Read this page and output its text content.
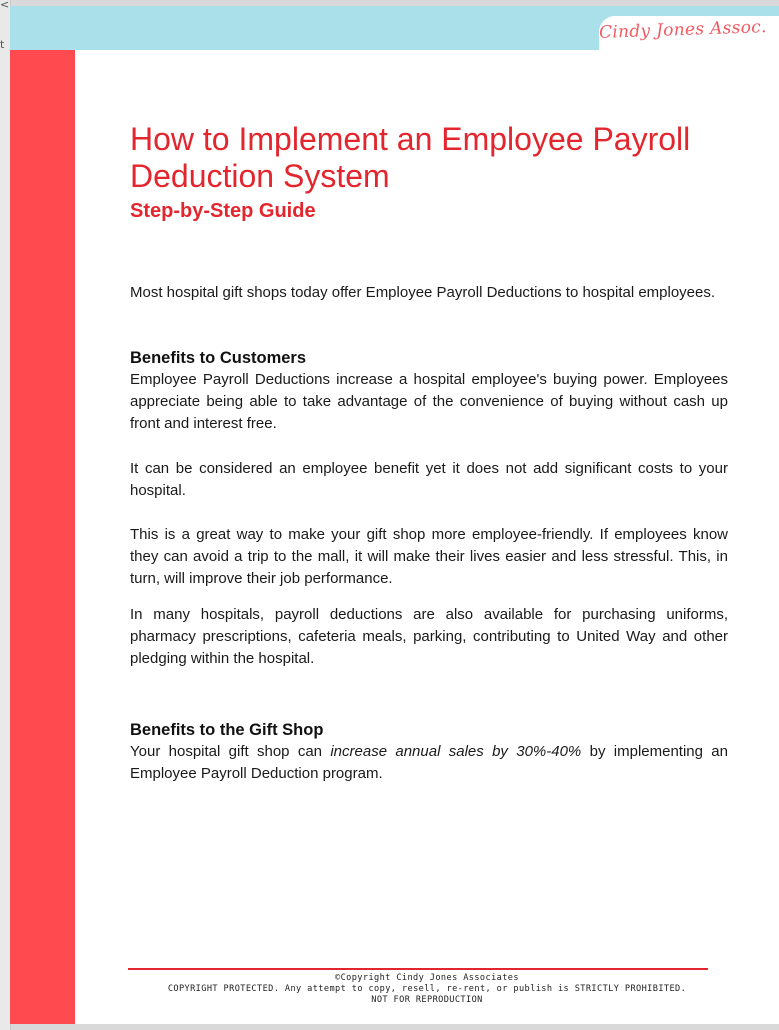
<
t
Cindy Jones Assoc.
How to Implement an Employee Payroll Deduction System
Step-by-Step Guide

Most hospital gift shops today offer Employee Payroll Deductions to hospital employees.

Benefits to Customers

Employee Payroll Deductions increase a hospital employee's buying power. Employees appreciate being able to take advantage of the convenience of buying without cash up front and interest free.

It can be considered an employee benefit yet it does not add significant costs to your hospital.

This is a great way to make your gift shop more employee-friendly. If employees know they can avoid a trip to the mall, it will make their lives easier and less stressful. This, in turn, will improve their job performance.

In many hospitals, payroll deductions are also available for purchasing uniforms, pharmacy prescriptions, cafeteria meals, parking, contributing to United Way and other pledging within the hospital.

Benefits to the Gift Shop

Your hospital gift shop can increase annual sales by 30%-40% by implementing an Employee Payroll Deduction program.

©Copyright Cindy Jones Associates
COPYRIGHT PROTECTED. Any attempt to copy, resell, re-rent, or publish is STRICTLY PROHIBITED.
NOT FOR REPRODUCTION
